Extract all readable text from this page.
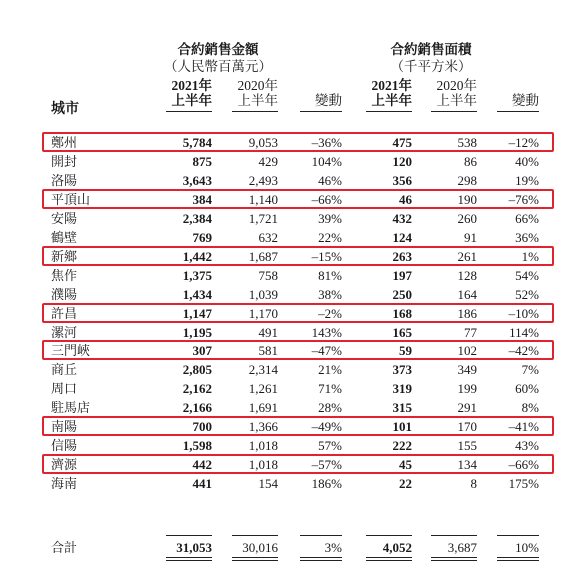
合約銷售金額
（人民幣百萬元）
合約銷售面積
（千平方米）
城市
2021年
上半年
2020年
上半年	變動
2021年
上半年
2020年
上半年	變動
鄭州	5,784	9,053	–36%	475	538	–12%
開封	875	429	104%	120	86	40%
洛陽	3,643	2,493	46%	356	298	19%
平頂山	384	1,140	–66%	46	190	–76%
安陽	2,384	1,721	39%	432	260	66%
鶴壁	769	632	22%	124	91	36%
新鄉	1,442	1,687	–15%	263	261	1%
焦作	1,375	758	81%	197	128	54%
濮陽	1,434	1,039	38%	250	164	52%
許昌	1,147	1,170	–2%	168	186	–10%
漯河	1,195	491	143%	165	77	114%
三門峽	307	581	–47%	59	102	–42%
商丘	2,805	2,314	21%	373	349	7%
周口	2,162	1,261	71%	319	199	60%
駐馬店	2,166	1,691	28%	315	291	8%
南陽	700	1,366	–49%	101	170	–41%
信陽	1,598	1,018	57%	222	155	43%
濟源	442	1,018	–57%	45	134	–66%
海南	441	154	186%	22	8	175%
合計	31,053	30,016	3%	4,052	3,687	10%
